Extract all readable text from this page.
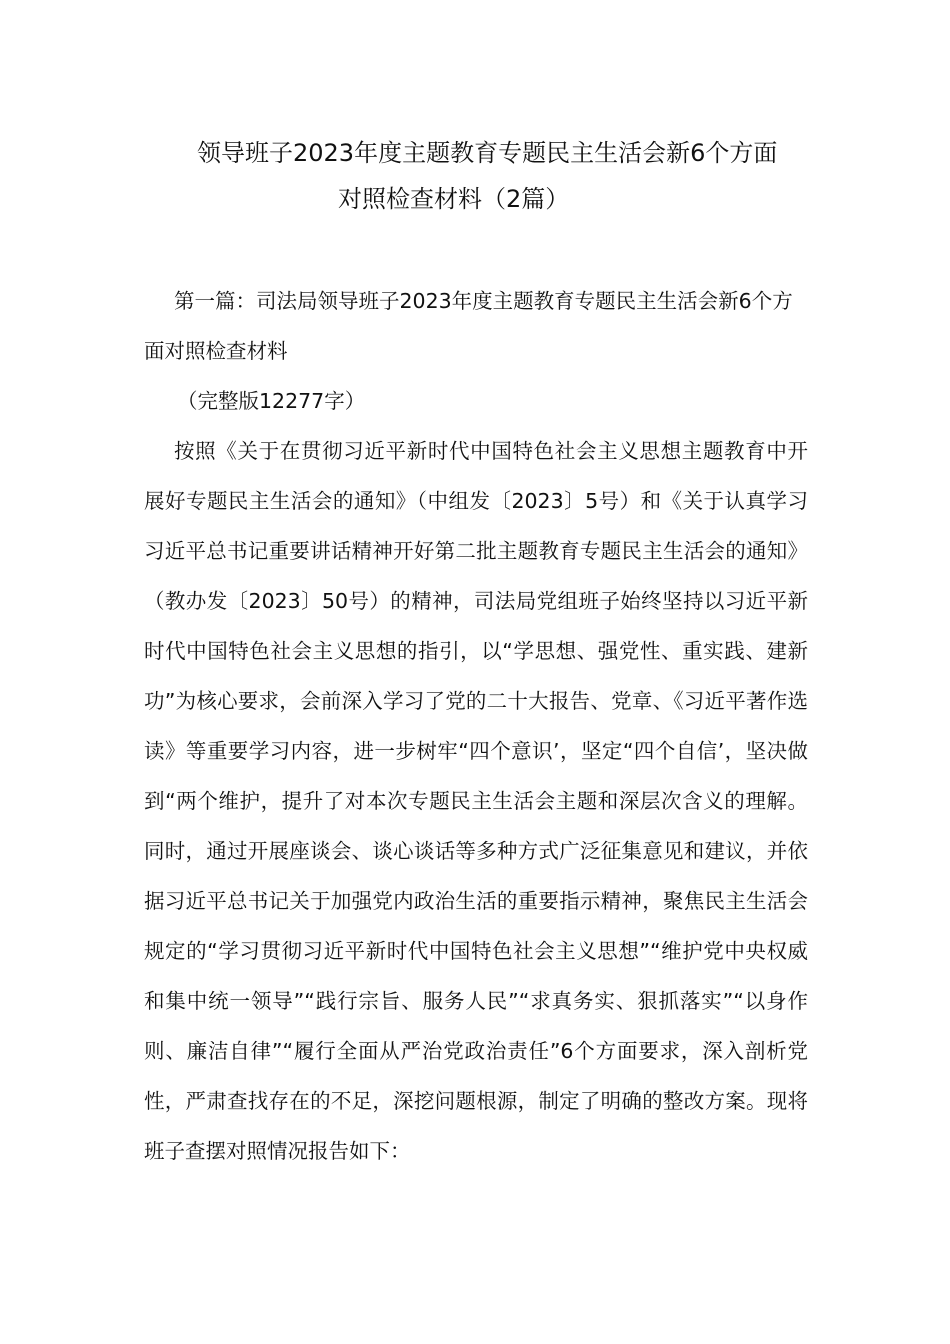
领导班子2023年度主题教育专题民主生活会新6个方面
对照检查材料（2篇）

第一篇：司法局领导班子2023年度主题教育专题民主生活会新6个方面对照检查材料

（完整版12277字）

按照《关于在贯彻习近平新时代中国特色社会主义思想主题教育中开展好专题民主生活会的通知》（中组发〔2023〕5号）和《关于认真学习习近平总书记重要讲话精神开好第二批主题教育专题民主生活会的通知》（教办发〔2023〕50号）的精神，司法局党组班子始终坚持以习近平新时代中国特色社会主义思想的指引，以“学思想、强党性、重实践、建新功”为核心要求，会前深入学习了党的二十大报告、党章、《习近平著作选读》等重要学习内容，进一步树牢“四个意识’，坚定“四个自信’，坚决做到“两个维护，提升了对本次专题民主生活会主题和深层次含义的理解。同时，通过开展座谈会、谈心谈话等多种方式广泛征集意见和建议，并依据习近平总书记关于加强党内政治生活的重要指示精神，聚焦民主生活会规定的“学习贯彻习近平新时代中国特色社会主义思想”“维护党中央权威和集中统一领导”“践行宗旨、服务人民”“求真务实、狠抓落实”“以身作则、廉洁自律”“履行全面从严治党政治责任”6个方面要求，深入剖析党性，严肃查找存在的不足，深挖问题根源，制定了明确的整改方案。现将班子查摆对照情况报告如下：
